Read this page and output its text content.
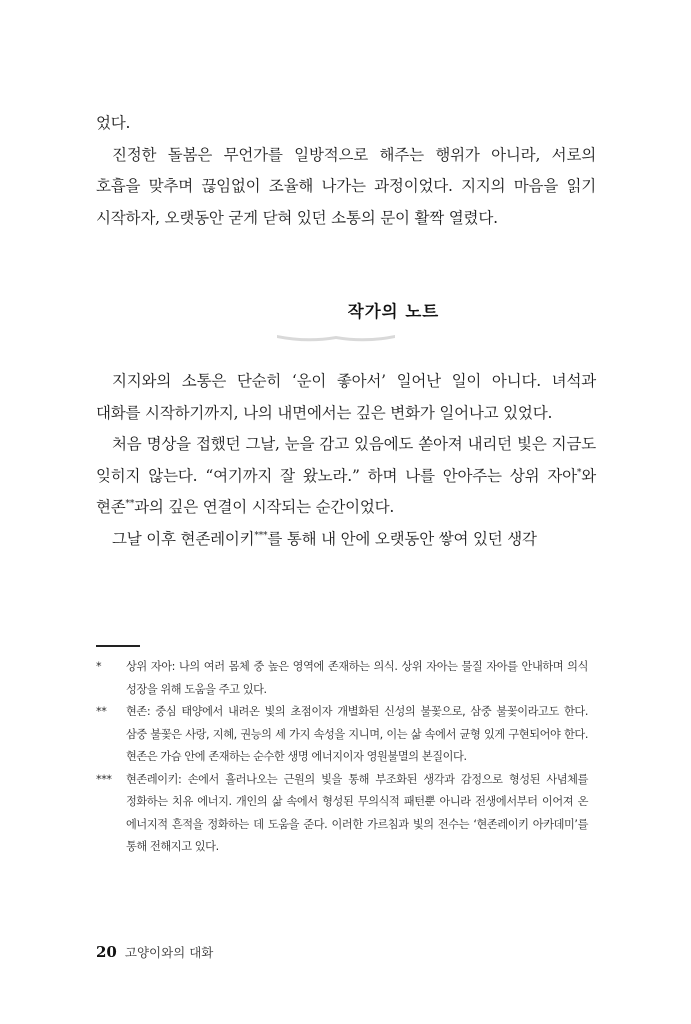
었다.

진정한 돌봄은 무언가를 일방적으로 해주는 행위가 아니라, 서로의 호흡을 맞추며 끊임없이 조율해 나가는 과정이었다. 지지의 마음을 읽기 시작하자, 오랫동안 굳게 닫혀 있던 소통의 문이 활짝 열렸다.

작가의 노트

지지와의 소통은 단순히 ‘운이 좋아서’ 일어난 일이 아니다. 녀석과 대화를 시작하기까지, 나의 내면에서는 깊은 변화가 일어나고 있었다.

처음 명상을 접했던 그날, 눈을 감고 있음에도 쏟아져 내리던 빛은 지금도 잊히지 않는다. “여기까지 잘 왔노라.” 하며 나를 안아주는 상위 자아*와 현존**과의 깊은 연결이 시작되는 순간이었다.

그날 이후 현존레이키***를 통해 내 안에 오랫동안 쌓여 있던 생각

*	상위 자아: 나의 여러 몸체 중 높은 영역에 존재하는 의식. 상위 자아는 물질 자아를 안내하며 의식 성장을 위해 도움을 주고 있다.
**	현존: 중심 태양에서 내려온 빛의 초점이자 개별화된 신성의 불꽃으로, 삼중 불꽃이라고도 한다. 삼중 불꽃은 사랑, 지혜, 권능의 세 가지 속성을 지니며, 이는 삶 속에서 균형 있게 구현되어야 한다. 현존은 가슴 안에 존재하는 순수한 생명 에너지이자 영원불멸의 본질이다.
***	현존레이키: 손에서 흘러나오는 근원의 빛을 통해 부조화된 생각과 감정으로 형성된 사념체를 정화하는 치유 에너지. 개인의 삶 속에서 형성된 무의식적 패턴뿐 아니라 전생에서부터 이어져 온 에너지적 흔적을 정화하는 데 도움을 준다. 이러한 가르침과 빛의 전수는 ‘현존레이키 아카데미’를 통해 전해지고 있다.
20 고양이와의 대화
